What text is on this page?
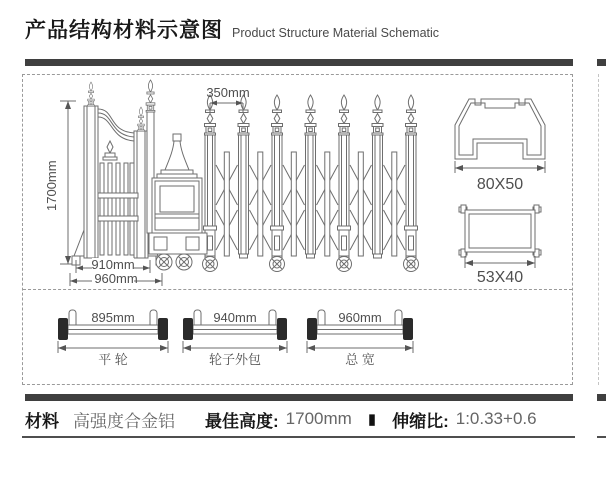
产品结构材料示意图 Product Structure Material Schematic
1700mm
910mm
960mm
350mm
80X50
53X40
895mm
平 轮
940mm
轮子外包
960mm
总 宽
材料 高强度合金铝 最佳高度: 1700mm ▮ 伸缩比: 1:0.33+0.6
